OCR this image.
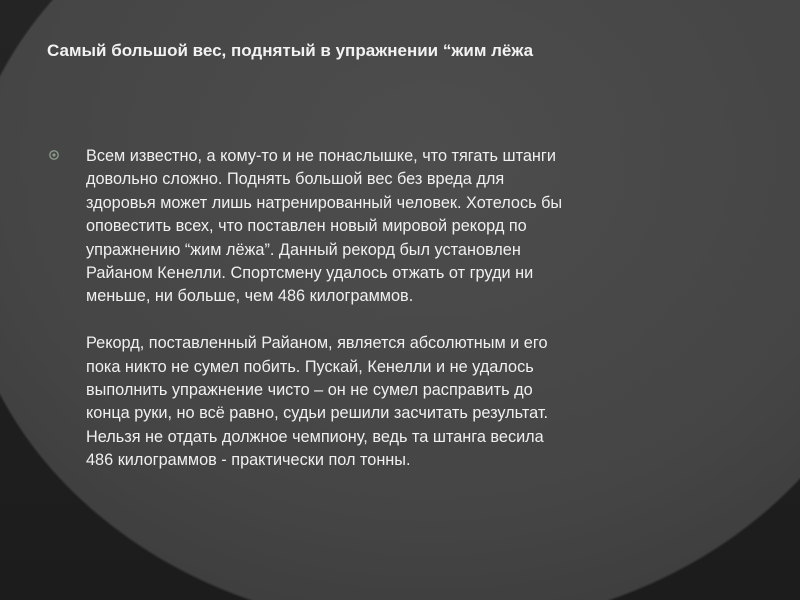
Самый большой вес, поднятый в упражнении “жим лёжа
Всем известно, а кому-то и не понаслышке, что тягать штанги
довольно сложно. Поднять большой вес без вреда для
здоровья может лишь натренированный человек. Хотелось бы
оповестить всех, что поставлен новый мировой рекорд по
упражнению “жим лёжа”. Данный рекорд был установлен
Райаном Кенелли. Спортсмену удалось отжать от груди ни
меньше, ни больше, чем 486 килограммов.
Рекорд, поставленный Райаном, является абсолютным и его
пока никто не сумел побить. Пускай, Кенелли и не удалось
выполнить упражнение чисто – он не сумел расправить до
конца руки, но всё равно, судьи решили засчитать результат.
Нельзя не отдать должное чемпиону, ведь та штанга весила
486 килограммов - практически пол тонны.
